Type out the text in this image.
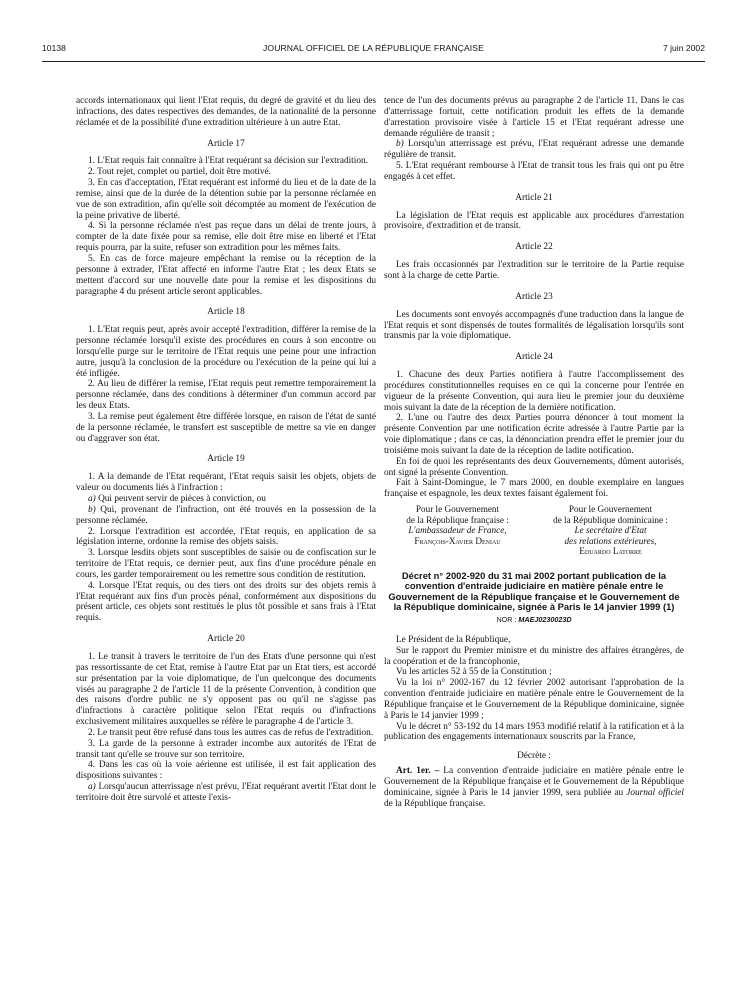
10138	JOURNAL OFFICIEL DE LA RÉPUBLIQUE FRANÇAISE	7 juin 2002

accords internationaux qui lient l'Etat requis, du degré de gravité et du lieu des infractions, des dates respectives des demandes, de la nationalité de la personne réclamée et de la possibilité d'une extradition ultérieure à un autre Etat.

Article 17

1. L'Etat requis fait connaître à l'Etat requérant sa décision sur l'extradition.

2. Tout rejet, complet ou partiel, doit être motivé.

3. En cas d'acceptation, l'Etat requérant est informé du lieu et de la date de la remise, ainsi que de la durée de la détention subie par la personne réclamée en vue de son extradition, afin qu'elle soit décomptée au moment de l'exécution de la peine privative de liberté.

4. Si la personne réclamée n'est pas reçue dans un délai de trente jours, à compter de la date fixée pour sa remise, elle doit être mise en liberté et l'Etat requis pourra, par la suite, refuser son extradition pour les mêmes faits.

5. En cas de force majeure empêchant la remise ou la réception de la personne à extrader, l'Etat affecté en informe l'autre Etat ; les deux Etats se mettent d'accord sur une nouvelle date pour la remise et les dispositions du paragraphe 4 du présent article seront applicables.

Article 18

1. L'Etat requis peut, après avoir accepté l'extradition, différer la remise de la personne réclamée lorsqu'il existe des procédures en cours à son encontre ou lorsqu'elle purge sur le territoire de l'Etat requis une peine pour une infraction autre, jusqu'à la conclusion de la procédure ou l'exécution de la peine qui lui a été infligée.

2. Au lieu de différer la remise, l'Etat requis peut remettre temporairement la personne réclamée, dans des conditions à déterminer d'un commun accord par les deux Etats.

3. La remise peut également être différée lorsque, en raison de l'état de santé de la personne réclamée, le transfert est susceptible de mettre sa vie en danger ou d'aggraver son état.

Article 19

1. A la demande de l'Etat requérant, l'Etat requis saisit les objets, objets de valeur ou documents liés à l'infraction :

a) Qui peuvent servir de pièces à conviction, ou

b) Qui, provenant de l'infraction, ont été trouvés en la possession de la personne réclamée.

2. Lorsque l'extradition est accordée, l'Etat requis, en application de sa législation interne, ordonne la remise des objets saisis.

3. Lorsque lesdits objets sont susceptibles de saisie ou de confiscation sur le territoire de l'Etat requis, ce dernier peut, aux fins d'une procédure pénale en cours, les garder temporairement ou les remettre sous condition de restitution.

4. Lorsque l'Etat requis, ou des tiers ont des droits sur des objets remis à l'Etat requérant aux fins d'un procès pénal, conformément aux dispositions du présent article, ces objets sont restitués le plus tôt possible et sans frais à l'Etat requis.

Article 20

1. Le transit à travers le territoire de l'un des Etats d'une personne qui n'est pas ressortissante de cet Etat, remise à l'autre Etat par un Etat tiers, est accordé sur présentation par la voie diplomatique, de l'un quelconque des documents visés au paragraphe 2 de l'article 11 de la présente Convention, à condition que des raisons d'ordre public ne s'y opposent pas ou qu'il ne s'agisse pas d'infractions à caractère politique selon l'Etat requis ou d'infractions exclusivement militaires auxquelles se réfère le paragraphe 4 de l'article 3.

2. Le transit peut être refusé dans tous les autres cas de refus de l'extradition.

3. La garde de la personne à extrader incombe aux autorités de l'Etat de transit tant qu'elle se trouve sur son territoire.

4. Dans les cas où la voie aérienne est utilisée, il est fait application des dispositions suivantes :

a) Lorsqu'aucun atterrissage n'est prévu, l'Etat requérant avertit l'Etat dont le territoire doit être survolé et atteste l'exis-

tence de l'un des documents prévus au paragraphe 2 de l'article 11. Dans le cas d'atterrissage fortuit, cette notification produit les effets de la demande d'arrestation provisoire visée à l'article 15 et l'Etat requérant adresse une demande régulière de transit ;

b) Lorsqu'un atterrissage est prévu, l'Etat requérant adresse une demande régulière de transit.

5. L'Etat requérant rembourse à l'Etat de transit tous les frais qui ont pu être engagés à cet effet.

Article 21

La législation de l'Etat requis est applicable aux procédures d'arrestation provisoire, d'extradition et de transit.

Article 22

Les frais occasionnés par l'extradition sur le territoire de la Partie requise sont à la charge de cette Partie.

Article 23

Les documents sont envoyés accompagnés d'une traduction dans la langue de l'Etat requis et sont dispensés de toutes formalités de légalisation lorsqu'ils sont transmis par la voie diplomatique.

Article 24

1. Chacune des deux Parties notifiera à l'autre l'accomplissement des procédures constitutionnelles requises en ce qui la concerne pour l'entrée en vigueur de la présente Convention, qui aura lieu le premier jour du deuxième mois suivant la date de la réception de la dernière notification.

2. L'une ou l'autre des deux Parties pourra dénoncer à tout moment la présente Convention par une notification écrite adressée à l'autre Partie par la voie diplomatique ; dans ce cas, la dénonciation prendra effet le premier jour du troisième mois suivant la date de la réception de ladite notification.

En foi de quoi les représentants des deux Gouvernements, dûment autorisés, ont signé la présente Convention.

Fait à Saint-Domingue, le 7 mars 2000, en double exemplaire en langues française et espagnole, les deux textes faisant également foi.

Pour le Gouvernement
de la République française :
L'ambassadeur de France,
François-Xavier Deniau
Pour le Gouvernement
de la République dominicaine :
Le secrétaire d'Etat
des relations extérieures,
Eduardo Latorre
Décret n° 2002-920 du 31 mai 2002 portant publication de la convention d'entraide judiciaire en matière pénale entre le Gouvernement de la République française et le Gouvernement de la République dominicaine, signée à Paris le 14 janvier 1999 (1)
NOR : MAEJ0230023D

Le Président de la République,

Sur le rapport du Premier ministre et du ministre des affaires étrangères, de la coopération et de la francophonie,

Vu les articles 52 à 55 de la Constitution ;

Vu la loi n° 2002-167 du 12 février 2002 autorisant l'approbation de la convention d'entraide judiciaire en matière pénale entre le Gouvernement de la République française et le Gouvernement de la République dominicaine, signée à Paris le 14 janvier 1999 ;

Vu le décret n° 53-192 du 14 mars 1953 modifié relatif à la ratification et à la publication des engagements internationaux souscrits par la France,

Décrète :

Art. 1er. – La convention d'entraide judiciaire en matière pénale entre le Gouvernement de la République française et le Gouvernement de la République dominicaine, signée à Paris le 14 janvier 1999, sera publiée au Journal officiel de la République française.
